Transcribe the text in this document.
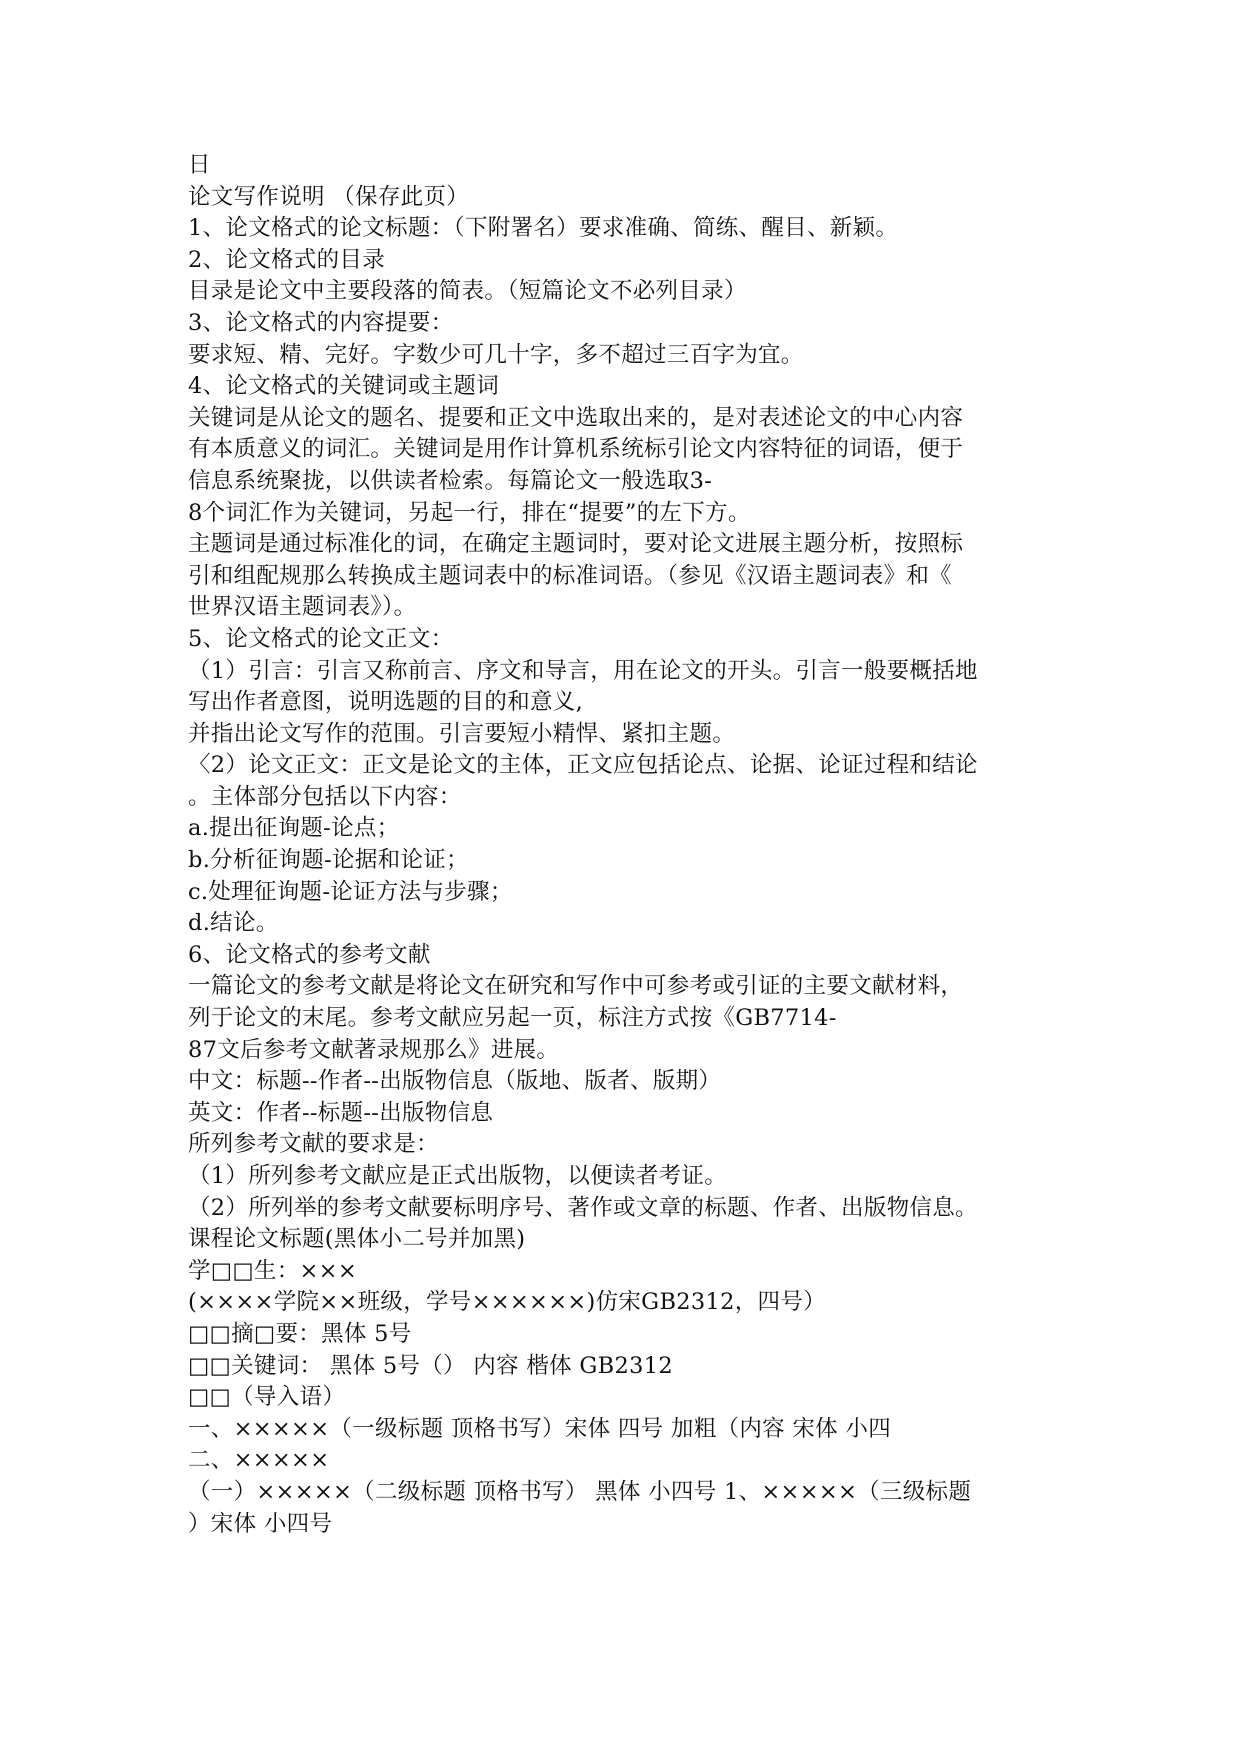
日
论文写作说明 （保存此页）
1、论文格式的论文标题：（下附署名）要求准确、简练、醒目、新颖。
2、论文格式的目录
目录是论文中主要段落的简表。（短篇论文不必列目录）
3、论文格式的内容提要：
要求短、精、完好。字数少可几十字，多不超过三百字为宜。
4、论文格式的关键词或主题词
关键词是从论文的题名、提要和正文中选取出来的，是对表述论文的中心内容
有本质意义的词汇。关键词是用作计算机系统标引论文内容特征的词语，便于
信息系统聚拢，以供读者检索。每篇论文一般选取3-
8个词汇作为关键词，另起一行，排在“提要”的左下方。
主题词是通过标准化的词，在确定主题词时，要对论文进展主题分析，按照标
引和组配规那么转换成主题词表中的标准词语。（参见《汉语主题词表》和《
世界汉语主题词表》）。
5、论文格式的论文正文：
（1）引言：引言又称前言、序文和导言，用在论文的开头。引言一般要概括地
写出作者意图，说明选题的目的和意义,
并指出论文写作的范围。引言要短小精悍、紧扣主题。
〈2）论文正文：正文是论文的主体，正文应包括论点、论据、论证过程和结论
。主体部分包括以下内容：
a.提出征询题-论点；
b.分析征询题-论据和论证；
c.处理征询题-论证方法与步骤；
d.结论。
6、论文格式的参考文献
一篇论文的参考文献是将论文在研究和写作中可参考或引证的主要文献材料，
列于论文的末尾。参考文献应另起一页，标注方式按《GB7714-
87文后参考文献著录规那么》进展。
中文：标题--作者--出版物信息（版地、版者、版期）
英文：作者--标题--出版物信息
所列参考文献的要求是：
（1）所列参考文献应是正式出版物，以便读者考证。
（2）所列举的参考文献要标明序号、著作或文章的标题、作者、出版物信息。
课程论文标题(黑体小二号并加黑)
学□□生：×××
(××××学院××班级，学号××××××)仿宋GB2312，四号）
□□摘□要：黑体 5号
□□关键词： 黑体 5号（） 内容 楷体 GB2312
□□（导入语）
一、×××××（一级标题 顶格书写）宋体 四号 加粗（内容 宋体 小四
二、×××××
（一）×××××（二级标题 顶格书写） 黑体 小四号 1、×××××（三级标题
）宋体 小四号
